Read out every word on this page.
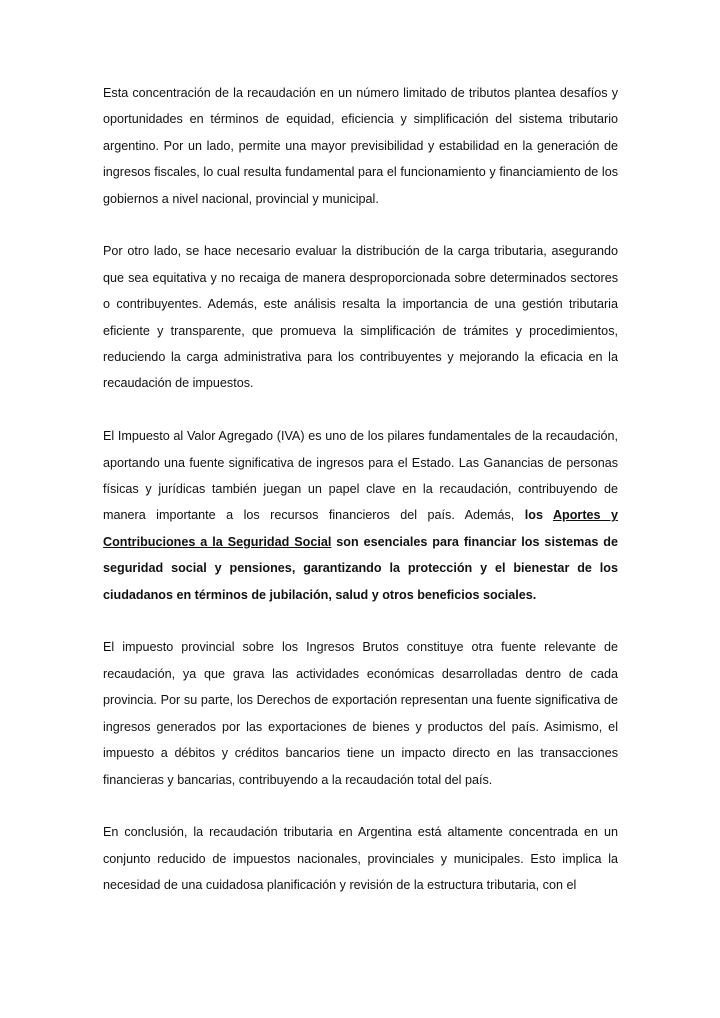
Esta concentración de la recaudación en un número limitado de tributos plantea desafíos y oportunidades en términos de equidad, eficiencia y simplificación del sistema tributario argentino. Por un lado, permite una mayor previsibilidad y estabilidad en la generación de ingresos fiscales, lo cual resulta fundamental para el funcionamiento y financiamiento de los gobiernos a nivel nacional, provincial y municipal.

Por otro lado, se hace necesario evaluar la distribución de la carga tributaria, asegurando que sea equitativa y no recaiga de manera desproporcionada sobre determinados sectores o contribuyentes. Además, este análisis resalta la importancia de una gestión tributaria eficiente y transparente, que promueva la simplificación de trámites y procedimientos, reduciendo la carga administrativa para los contribuyentes y mejorando la eficacia en la recaudación de impuestos.

El Impuesto al Valor Agregado (IVA) es uno de los pilares fundamentales de la recaudación, aportando una fuente significativa de ingresos para el Estado. Las Ganancias de personas físicas y jurídicas también juegan un papel clave en la recaudación, contribuyendo de manera importante a los recursos financieros del país. Además, los Aportes y Contribuciones a la Seguridad Social son esenciales para financiar los sistemas de seguridad social y pensiones, garantizando la protección y el bienestar de los ciudadanos en términos de jubilación, salud y otros beneficios sociales.

El impuesto provincial sobre los Ingresos Brutos constituye otra fuente relevante de recaudación, ya que grava las actividades económicas desarrolladas dentro de cada provincia. Por su parte, los Derechos de exportación representan una fuente significativa de ingresos generados por las exportaciones de bienes y productos del país. Asimismo, el impuesto a débitos y créditos bancarios tiene un impacto directo en las transacciones financieras y bancarias, contribuyendo a la recaudación total del país.

En conclusión, la recaudación tributaria en Argentina está altamente concentrada en un conjunto reducido de impuestos nacionales, provinciales y municipales. Esto implica la necesidad de una cuidadosa planificación y revisión de la estructura tributaria, con el
